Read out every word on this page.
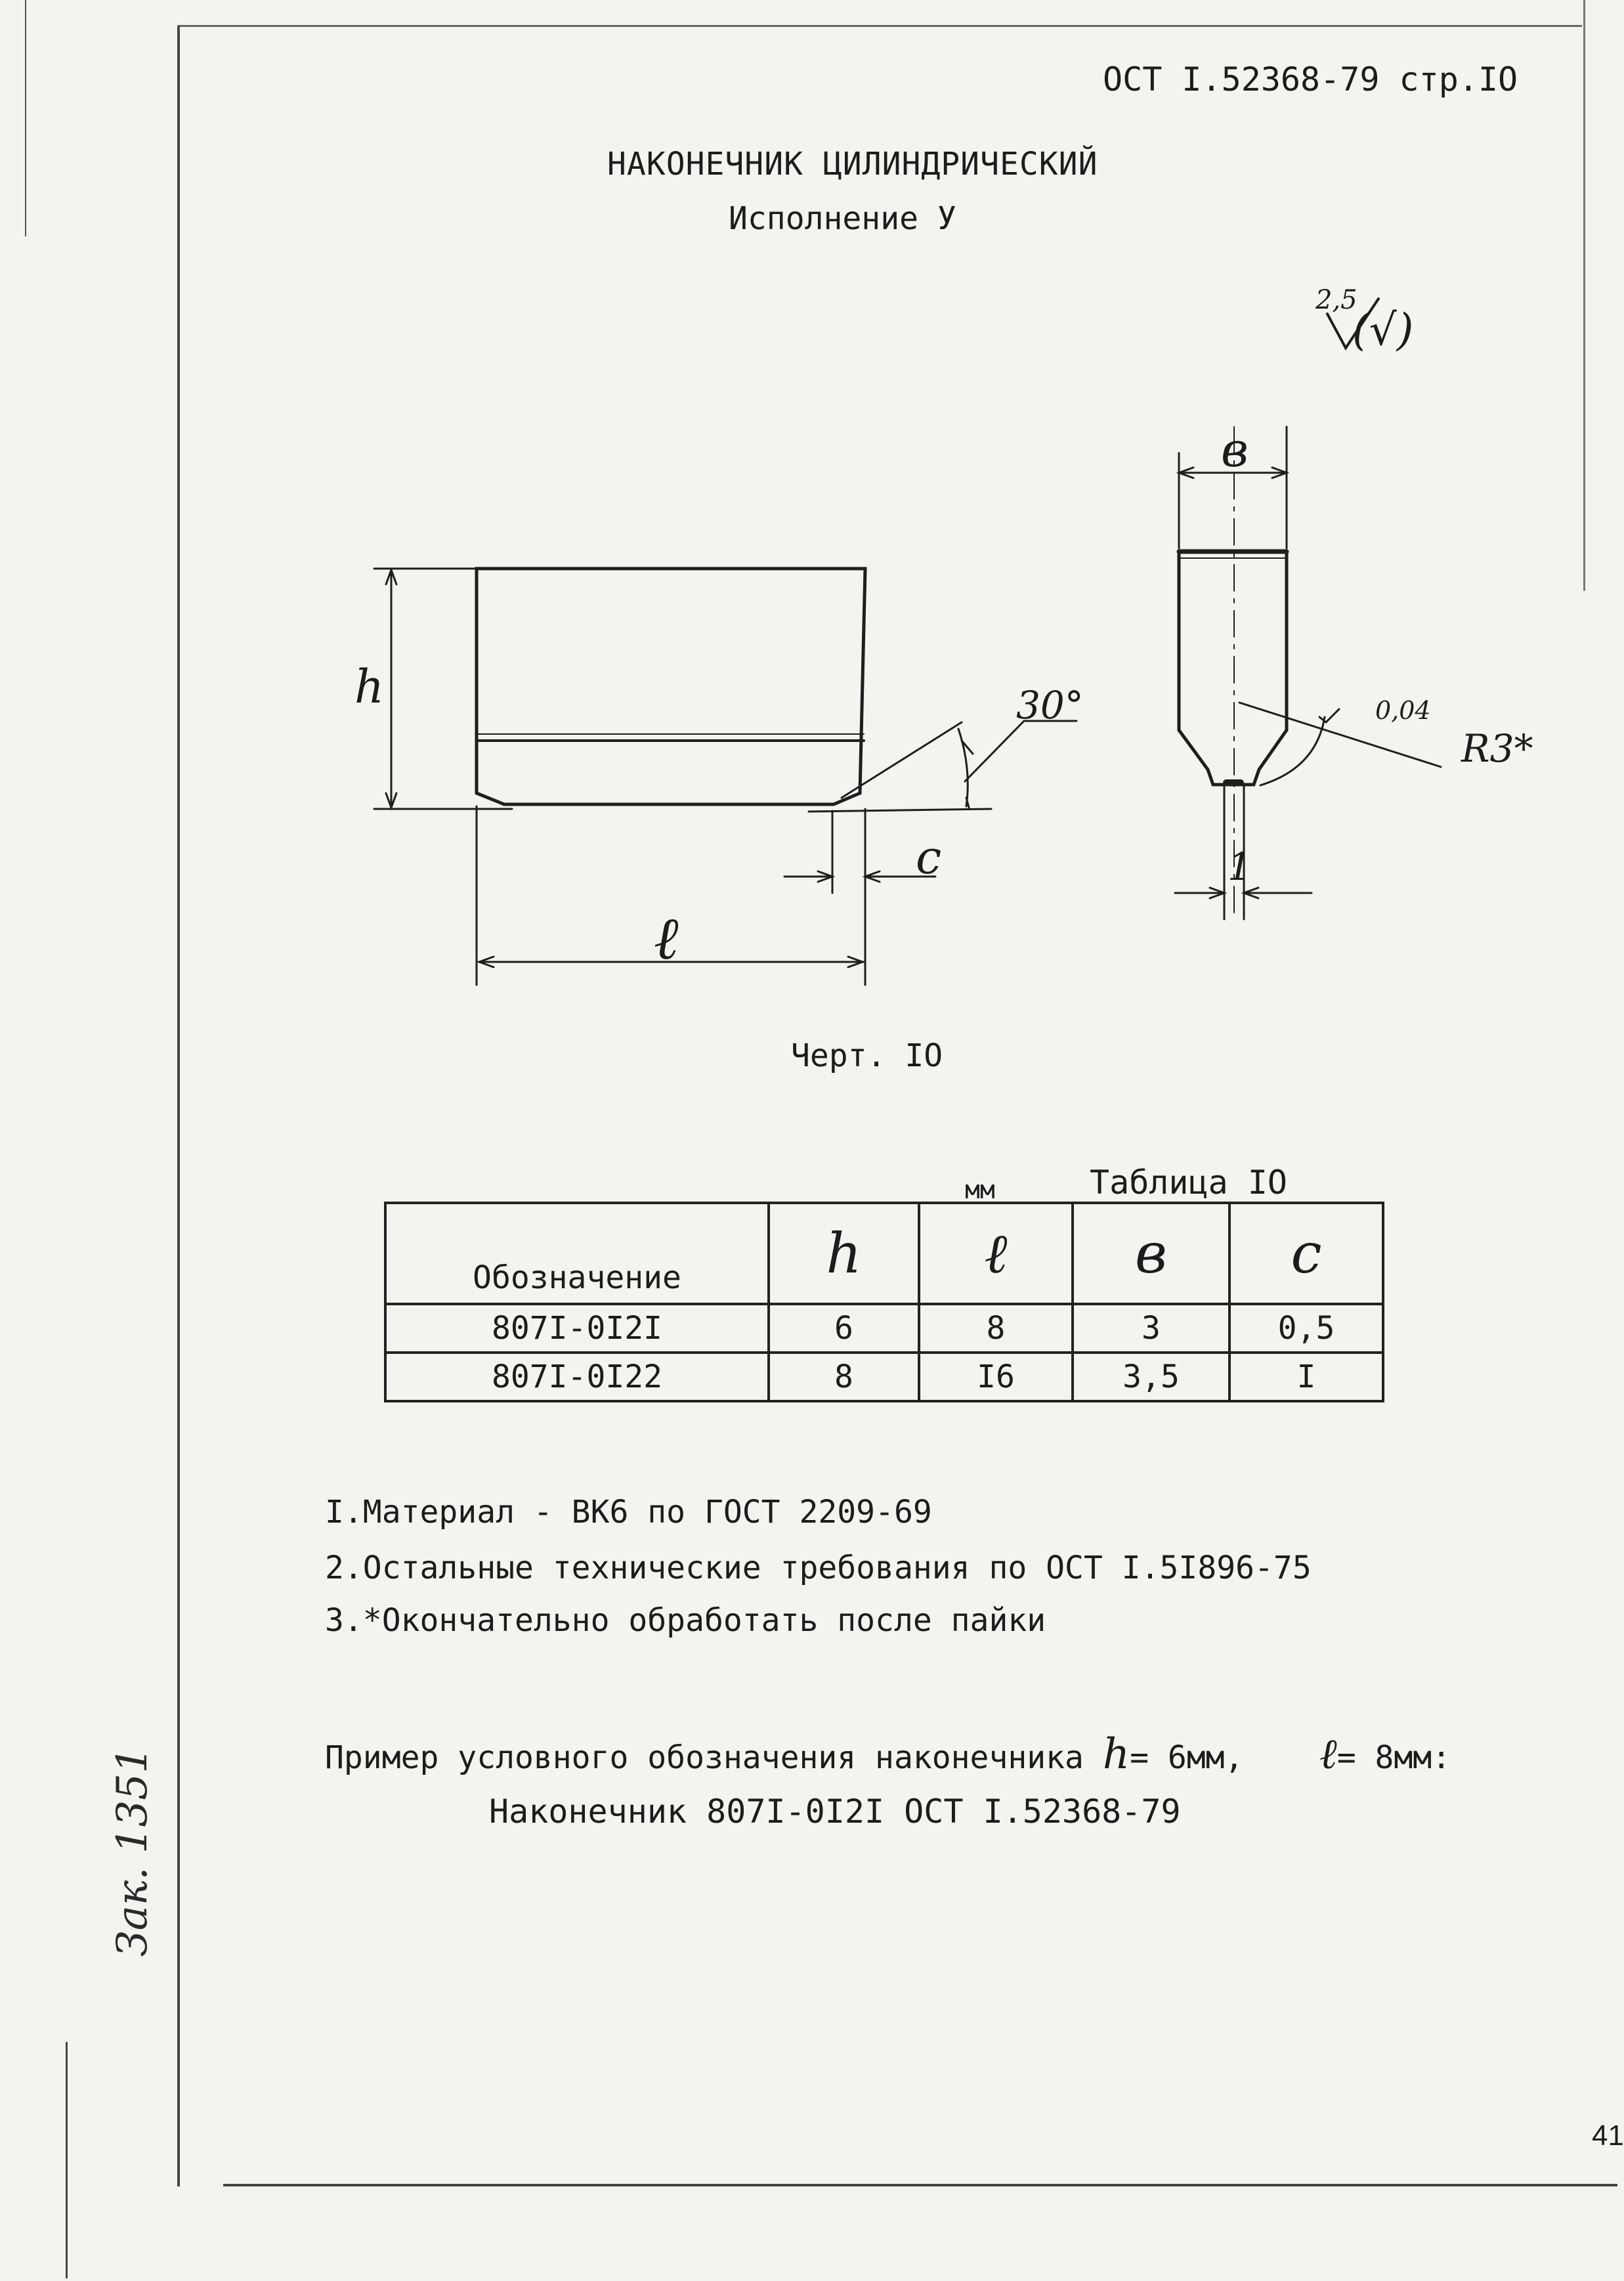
ОСТ I.52368-79 стр.IO
НАКОНЕЧНИК ЦИЛИНДРИЧЕСКИЙ
Исполнение У
2,5
(√)
h
ℓ
c
в
1
30°	0,04
R3*
Черт. IO
мм	Таблица IO
Обозначение	h	ℓ	в	c
807I-0I2I	6	8	3	0,5
807I-0I22	8	I6	3,5	I
I.Материал - ВК6 по ГОСТ 2209-69
2.Остальные технические требования по ОСТ I.5I896-75
3.*Окончательно обработать после пайки
Пример условного обозначения наконечника h= 6мм, ℓ= 8мм:
Наконечник 807I-0I2I ОСТ I.52368-79
Зак. 1351
41
